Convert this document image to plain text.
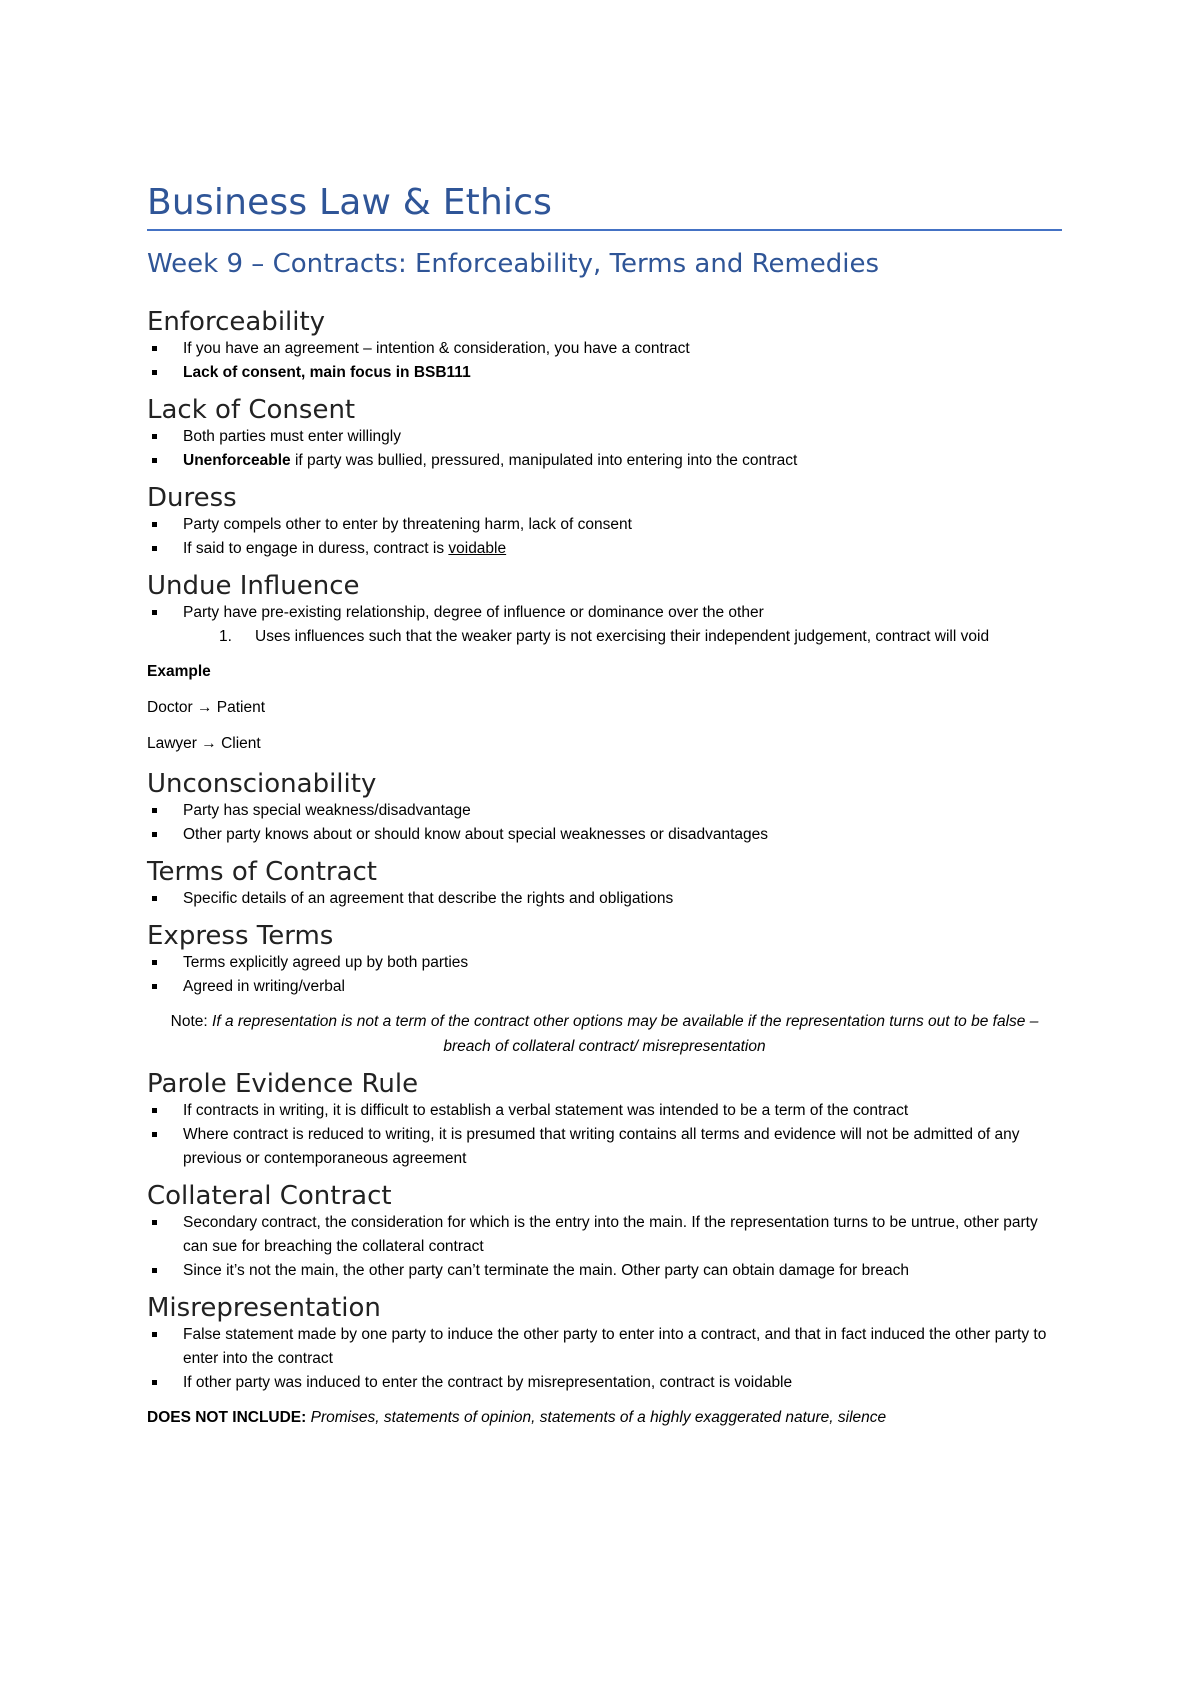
Business Law & Ethics
Week 9 – Contracts: Enforceability, Terms and Remedies
Enforceability
If you have an agreement – intention & consideration, you have a contract
Lack of consent, main focus in BSB111
Lack of Consent
Both parties must enter willingly
Unenforceable if party was bullied, pressured, manipulated into entering into the contract
Duress
Party compels other to enter by threatening harm, lack of consent
If said to engage in duress, contract is voidable
Undue Influence
Party have pre-existing relationship, degree of influence or dominance over the other
1. Uses influences such that the weaker party is not exercising their independent judgement, contract will void

Example

Doctor → Patient

Lawyer → Client

Unconscionability
Party has special weakness/disadvantage
Other party knows about or should know about special weaknesses or disadvantages
Terms of Contract
Specific details of an agreement that describe the rights and obligations
Express Terms
Terms explicitly agreed up by both parties
Agreed in writing/verbal

Note: If a representation is not a term of the contract other options may be available if the representation turns out to be false – breach of collateral contract/ misrepresentation

Parole Evidence Rule
If contracts in writing, it is difficult to establish a verbal statement was intended to be a term of the contract
Where contract is reduced to writing, it is presumed that writing contains all terms and evidence will not be admitted of any previous or contemporaneous agreement
Collateral Contract
Secondary contract, the consideration for which is the entry into the main. If the representation turns to be untrue, other party can sue for breaching the collateral contract
Since it’s not the main, the other party can’t terminate the main. Other party can obtain damage for breach
Misrepresentation
False statement made by one party to induce the other party to enter into a contract, and that in fact induced the other party to enter into the contract
If other party was induced to enter the contract by misrepresentation, contract is voidable

DOES NOT INCLUDE: Promises, statements of opinion, statements of a highly exaggerated nature, silence
